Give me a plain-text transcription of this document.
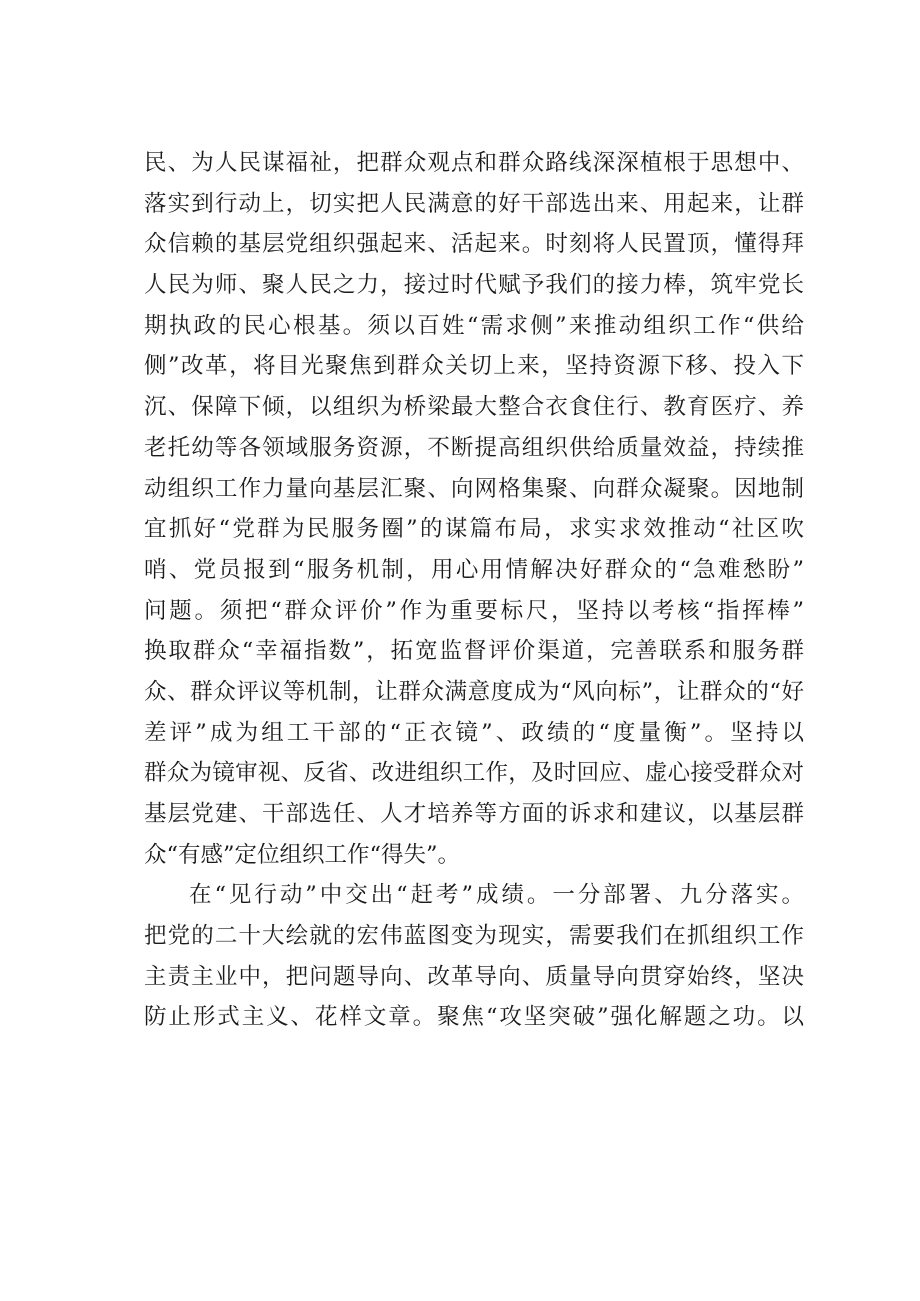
民、为人民谋福祉，把群众观点和群众路线深深植根于思想中、
落实到行动上，切实把人民满意的好干部选出来、用起来，让群
众信赖的基层党组织强起来、活起来。时刻将人民置顶，懂得拜
人民为师、聚人民之力，接过时代赋予我们的接力棒，筑牢党长
期执政的民心根基。须以百姓“需求侧”来推动组织工作“供给
侧”改革，将目光聚焦到群众关切上来，坚持资源下移、投入下
沉、保障下倾，以组织为桥梁最大整合衣食住行、教育医疗、养
老托幼等各领域服务资源，不断提高组织供给质量效益，持续推
动组织工作力量向基层汇聚、向网格集聚、向群众凝聚。因地制
宜抓好“党群为民服务圈”的谋篇布局，求实求效推动“社区吹
哨、党员报到“服务机制，用心用情解决好群众的“急难愁盼”
问题。须把“群众评价”作为重要标尺，坚持以考核“指挥棒”
换取群众“幸福指数”，拓宽监督评价渠道，完善联系和服务群
众、群众评议等机制，让群众满意度成为“风向标”，让群众的“好
差评”成为组工干部的“正衣镜”、政绩的“度量衡”。坚持以
群众为镜审视、反省、改进组织工作，及时回应、虚心接受群众对
基层党建、干部选任、人才培养等方面的诉求和建议，以基层群
众“有感”定位组织工作“得失”。
在“见行动”中交出“赶考”成绩。一分部署、九分落实。
把党的二十大绘就的宏伟蓝图变为现实，需要我们在抓组织工作
主责主业中，把问题导向、改革导向、质量导向贯穿始终，坚决
防止形式主义、花样文章。聚焦“攻坚突破”强化解题之功。以
